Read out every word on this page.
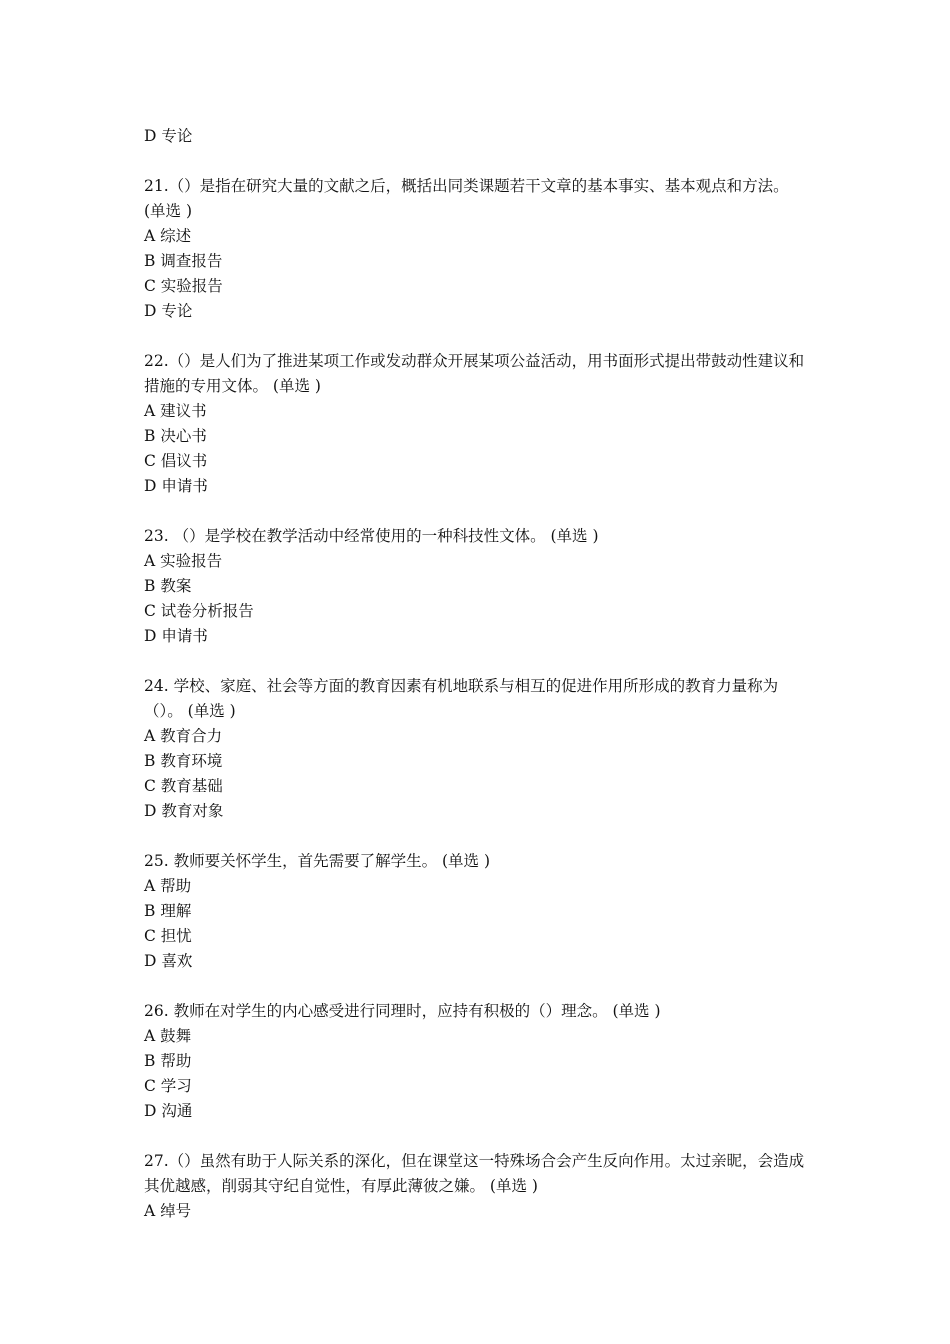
D 专论
21.（）是指在研究大量的文献之后，概括出同类课题若干文章的基本事实、基本观点和方法。 (单选 )
A 综述
B 调查报告
C 实验报告
D 专论
22.（）是人们为了推进某项工作或发动群众开展某项公益活动，用书面形式提出带鼓动性建议和措施的专用文体。 (单选 )
A 建议书
B 决心书
C 倡议书
D 申请书
23. （）是学校在教学活动中经常使用的一种科技性文体。 (单选 )
A 实验报告
B 教案
C 试卷分析报告
D 申请书
24. 学校、家庭、社会等方面的教育因素有机地联系与相互的促进作用所形成的教育力量称为（）。 (单选 )
A 教育合力
B 教育环境
C 教育基础
D 教育对象
25. 教师要关怀学生，首先需要了解学生。 (单选 )
A 帮助
B 理解
C 担忧
D 喜欢
26. 教师在对学生的内心感受进行同理时，应持有积极的（）理念。 (单选 )
A 鼓舞
B 帮助
C 学习
D 沟通
27.（）虽然有助于人际关系的深化，但在课堂这一特殊场合会产生反向作用。太过亲昵，会造成其优越感，削弱其守纪自觉性，有厚此薄彼之嫌。 (单选 )
A 绰号
